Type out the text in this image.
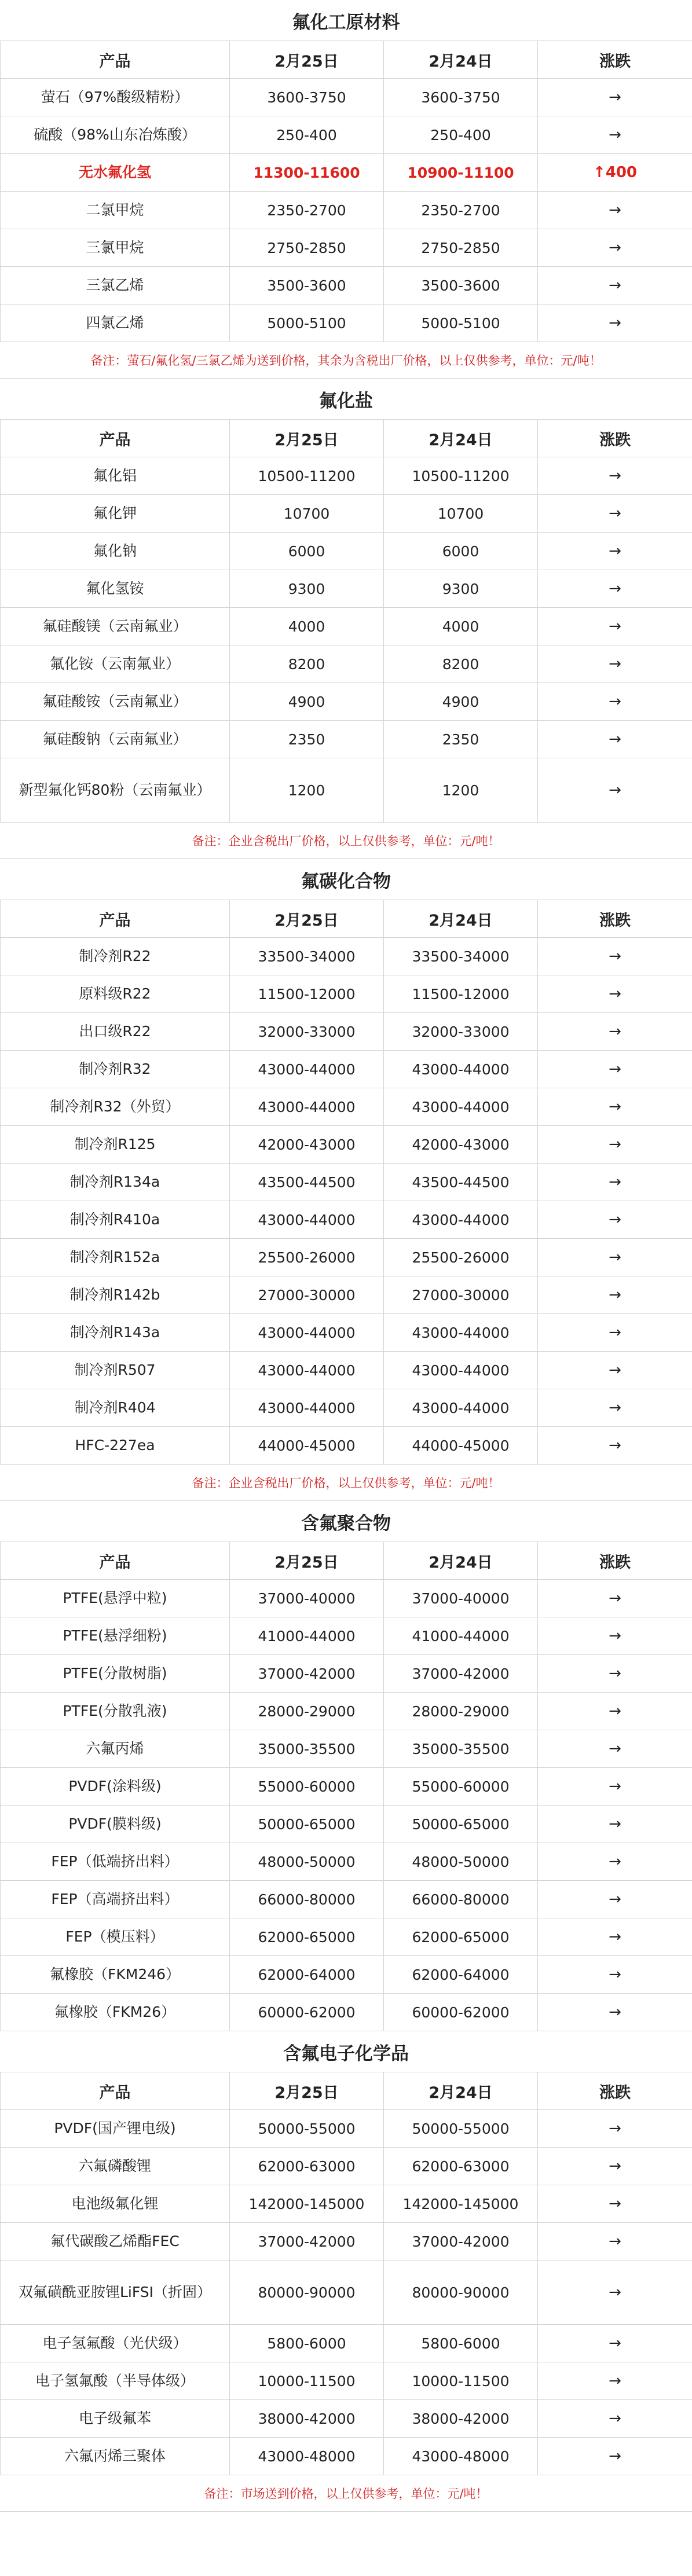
氟化工原材料
产品	2月25日	2月24日	涨跌
萤石（97%酸级精粉）	3600-3750	3600-3750	→
硫酸（98%山东冶炼酸）	250-400	250-400	→
无水氟化氢	11300-11600	10900-11100	↑400
二氯甲烷	2350-2700	2350-2700	→
三氯甲烷	2750-2850	2750-2850	→
三氯乙烯	3500-3600	3500-3600	→
四氯乙烯	5000-5100	5000-5100	→
备注：萤石/氟化氢/三氯乙烯为送到价格，其余为含税出厂价格，以上仅供参考，单位：元/吨！
氟化盐
产品	2月25日	2月24日	涨跌
氟化铝	10500-11200	10500-11200	→
氟化钾	10700	10700	→
氟化钠	6000	6000	→
氟化氢铵	9300	9300	→
氟硅酸镁（云南氟业）	4000	4000	→
氟化铵（云南氟业）	8200	8200	→
氟硅酸铵（云南氟业）	4900	4900	→
氟硅酸钠（云南氟业）	2350	2350	→
新型氟化钙80粉（云南氟业）	1200	1200	→
备注：企业含税出厂价格，以上仅供参考，单位：元/吨！
氟碳化合物
产品	2月25日	2月24日	涨跌
制冷剂R22	33500-34000	33500-34000	→
原料级R22	11500-12000	11500-12000	→
出口级R22	32000-33000	32000-33000	→
制冷剂R32	43000-44000	43000-44000	→
制冷剂R32（外贸）	43000-44000	43000-44000	→
制冷剂R125	42000-43000	42000-43000	→
制冷剂R134a	43500-44500	43500-44500	→
制冷剂R410a	43000-44000	43000-44000	→
制冷剂R152a	25500-26000	25500-26000	→
制冷剂R142b	27000-30000	27000-30000	→
制冷剂R143a	43000-44000	43000-44000	→
制冷剂R507	43000-44000	43000-44000	→
制冷剂R404	43000-44000	43000-44000	→
HFC-227ea	44000-45000	44000-45000	→
备注：企业含税出厂价格，以上仅供参考，单位：元/吨！
含氟聚合物
产品	2月25日	2月24日	涨跌
PTFE(悬浮中粒)	37000-40000	37000-40000	→
PTFE(悬浮细粉)	41000-44000	41000-44000	→
PTFE(分散树脂)	37000-42000	37000-42000	→
PTFE(分散乳液)	28000-29000	28000-29000	→
六氟丙烯	35000-35500	35000-35500	→
PVDF(涂料级)	55000-60000	55000-60000	→
PVDF(膜料级)	50000-65000	50000-65000	→
FEP（低端挤出料）	48000-50000	48000-50000	→
FEP（高端挤出料）	66000-80000	66000-80000	→
FEP（模压料）	62000-65000	62000-65000	→
氟橡胶（FKM246）	62000-64000	62000-64000	→
氟橡胶（FKM26）	60000-62000	60000-62000	→
含氟电子化学品
产品	2月25日	2月24日	涨跌
PVDF(国产锂电级)	50000-55000	50000-55000	→
六氟磷酸锂	62000-63000	62000-63000	→
电池级氟化锂	142000-145000	142000-145000	→
氟代碳酸乙烯酯FEC	37000-42000	37000-42000	→
双氟磺酰亚胺锂LiFSI（折固）	80000-90000	80000-90000	→
电子氢氟酸（光伏级）	5800-6000	5800-6000	→
电子氢氟酸（半导体级）	10000-11500	10000-11500	→
电子级氟苯	38000-42000	38000-42000	→
六氟丙烯三聚体	43000-48000	43000-48000	→
备注：市场送到价格，以上仅供参考，单位：元/吨！
